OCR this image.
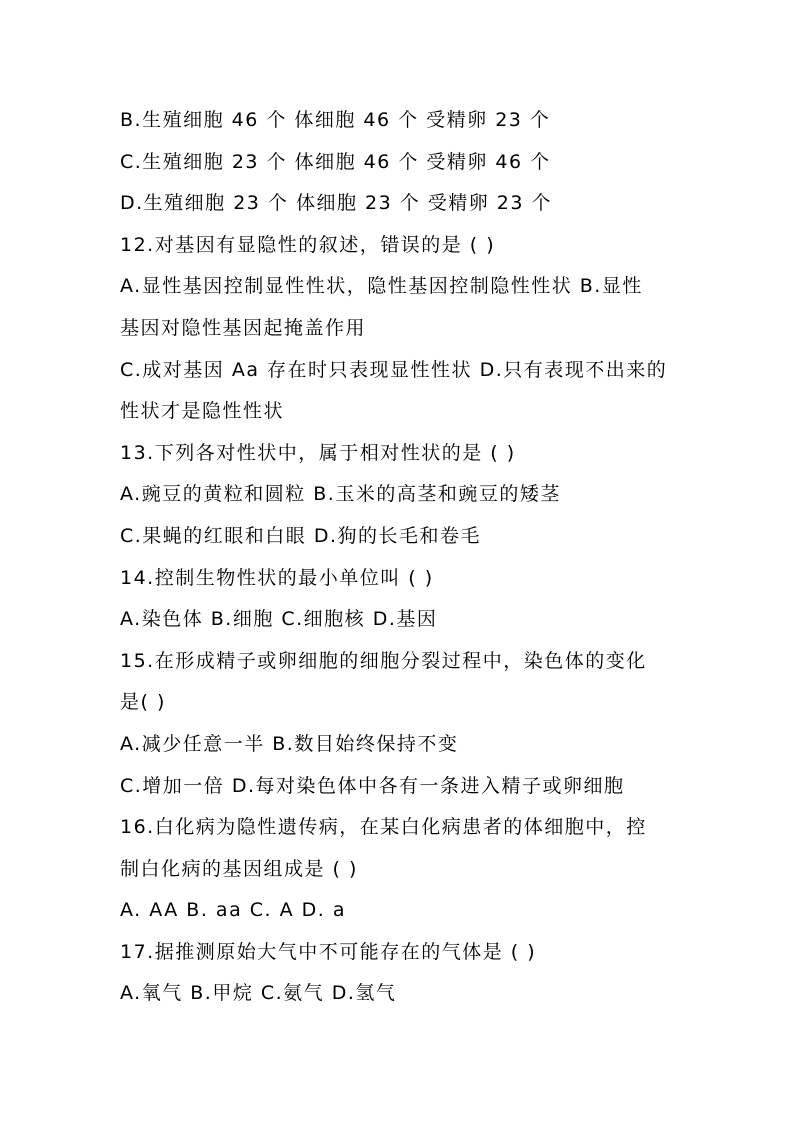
B.生殖细胞 46 个 体细胞 46 个 受精卵 23 个
C.生殖细胞 23 个 体细胞 46 个 受精卵 46 个
D.生殖细胞 23 个 体细胞 23 个 受精卵 23 个
12.对基因有显隐性的叙述，错误的是 ( )
A.显性基因控制显性性状，隐性基因控制隐性性状 B.显性
基因对隐性基因起掩盖作用
C.成对基因 Aa 存在时只表现显性性状 D.只有表现不出来的
性状才是隐性性状
13.下列各对性状中，属于相对性状的是 ( )
A.豌豆的黄粒和圆粒 B.玉米的高茎和豌豆的矮茎
C.果蝇的红眼和白眼 D.狗的长毛和卷毛
14.控制生物性状的最小单位叫 ( )
A.染色体 B.细胞 C.细胞核 D.基因
15.在形成精子或卵细胞的细胞分裂过程中，染色体的变化
是( )
A.减少任意一半 B.数目始终保持不变
C.增加一倍 D.每对染色体中各有一条进入精子或卵细胞
16.白化病为隐性遗传病，在某白化病患者的体细胞中，控
制白化病的基因组成是 ( )
A. AA B. aa C. A D. a
17.据推测原始大气中不可能存在的气体是 ( )
A.氧气 B.甲烷 C.氨气 D.氢气
